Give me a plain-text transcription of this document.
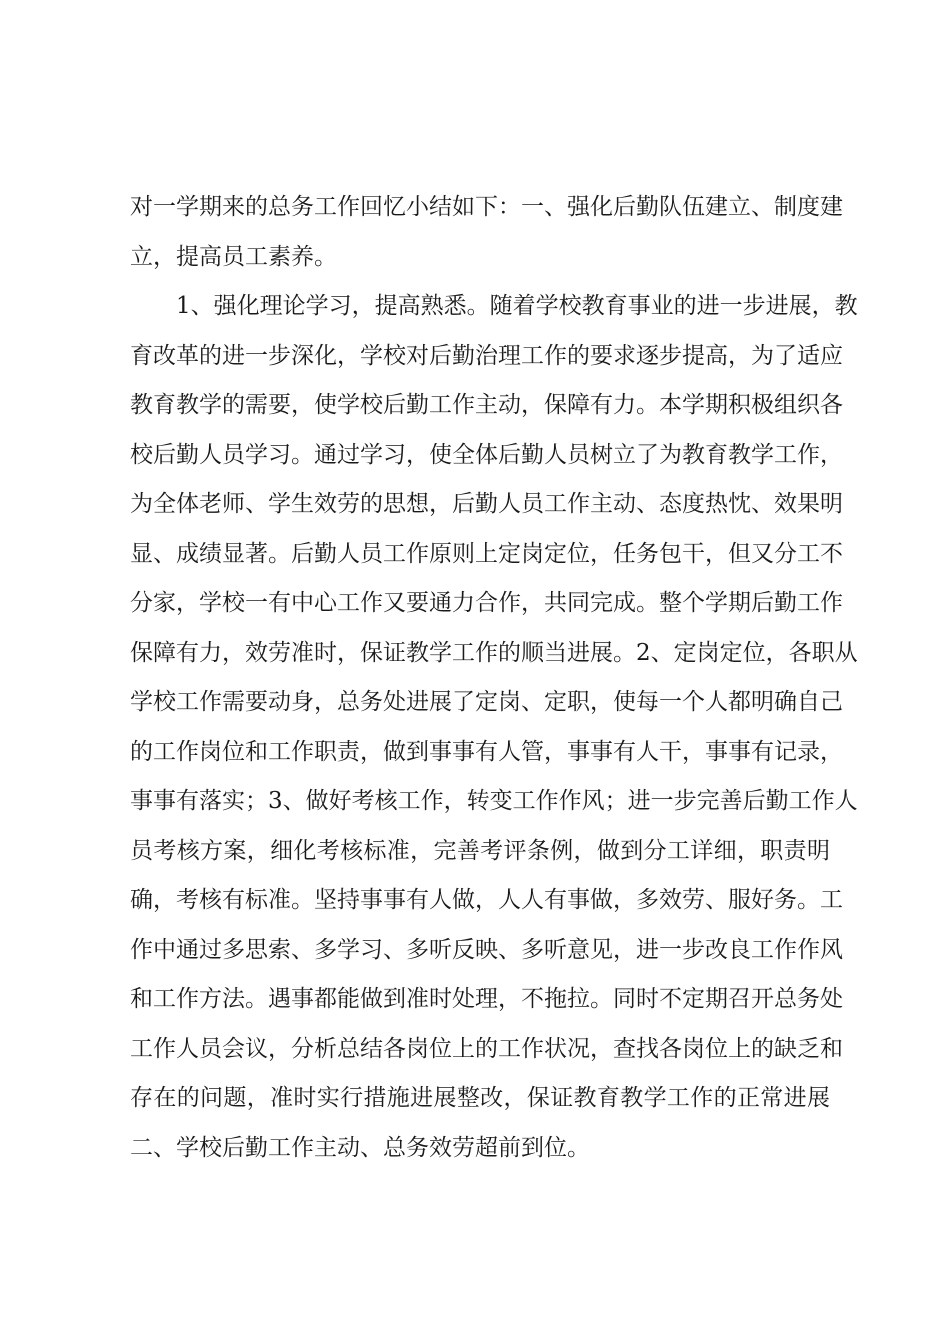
对一学期来的总务工作回忆小结如下：一、强化后勤队伍建立、制度建
立，提高员工素养。
1、强化理论学习，提高熟悉。随着学校教育事业的进一步进展，教
育改革的进一步深化，学校对后勤治理工作的要求逐步提高，为了适应
教育教学的需要，使学校后勤工作主动，保障有力。本学期积极组织各
校后勤人员学习。通过学习，使全体后勤人员树立了为教育教学工作，
为全体老师、学生效劳的思想，后勤人员工作主动、态度热忱、效果明
显、成绩显著。后勤人员工作原则上定岗定位，任务包干，但又分工不
分家，学校一有中心工作又要通力合作，共同完成。整个学期后勤工作
保障有力，效劳准时，保证教学工作的顺当进展。2、定岗定位，各职从
学校工作需要动身，总务处进展了定岗、定职，使每一个人都明确自己
的工作岗位和工作职责，做到事事有人管，事事有人干，事事有记录，
事事有落实；3、做好考核工作，转变工作作风；进一步完善后勤工作人
员考核方案，细化考核标准，完善考评条例，做到分工详细，职责明
确，考核有标准。坚持事事有人做，人人有事做，多效劳、服好务。工
作中通过多思索、多学习、多听反映、多听意见，进一步改良工作作风
和工作方法。遇事都能做到准时处理，不拖拉。同时不定期召开总务处
工作人员会议，分析总结各岗位上的工作状况，查找各岗位上的缺乏和
存在的问题，准时实行措施进展整改，保证教育教学工作的正常进展
二、学校后勤工作主动、总务效劳超前到位。
